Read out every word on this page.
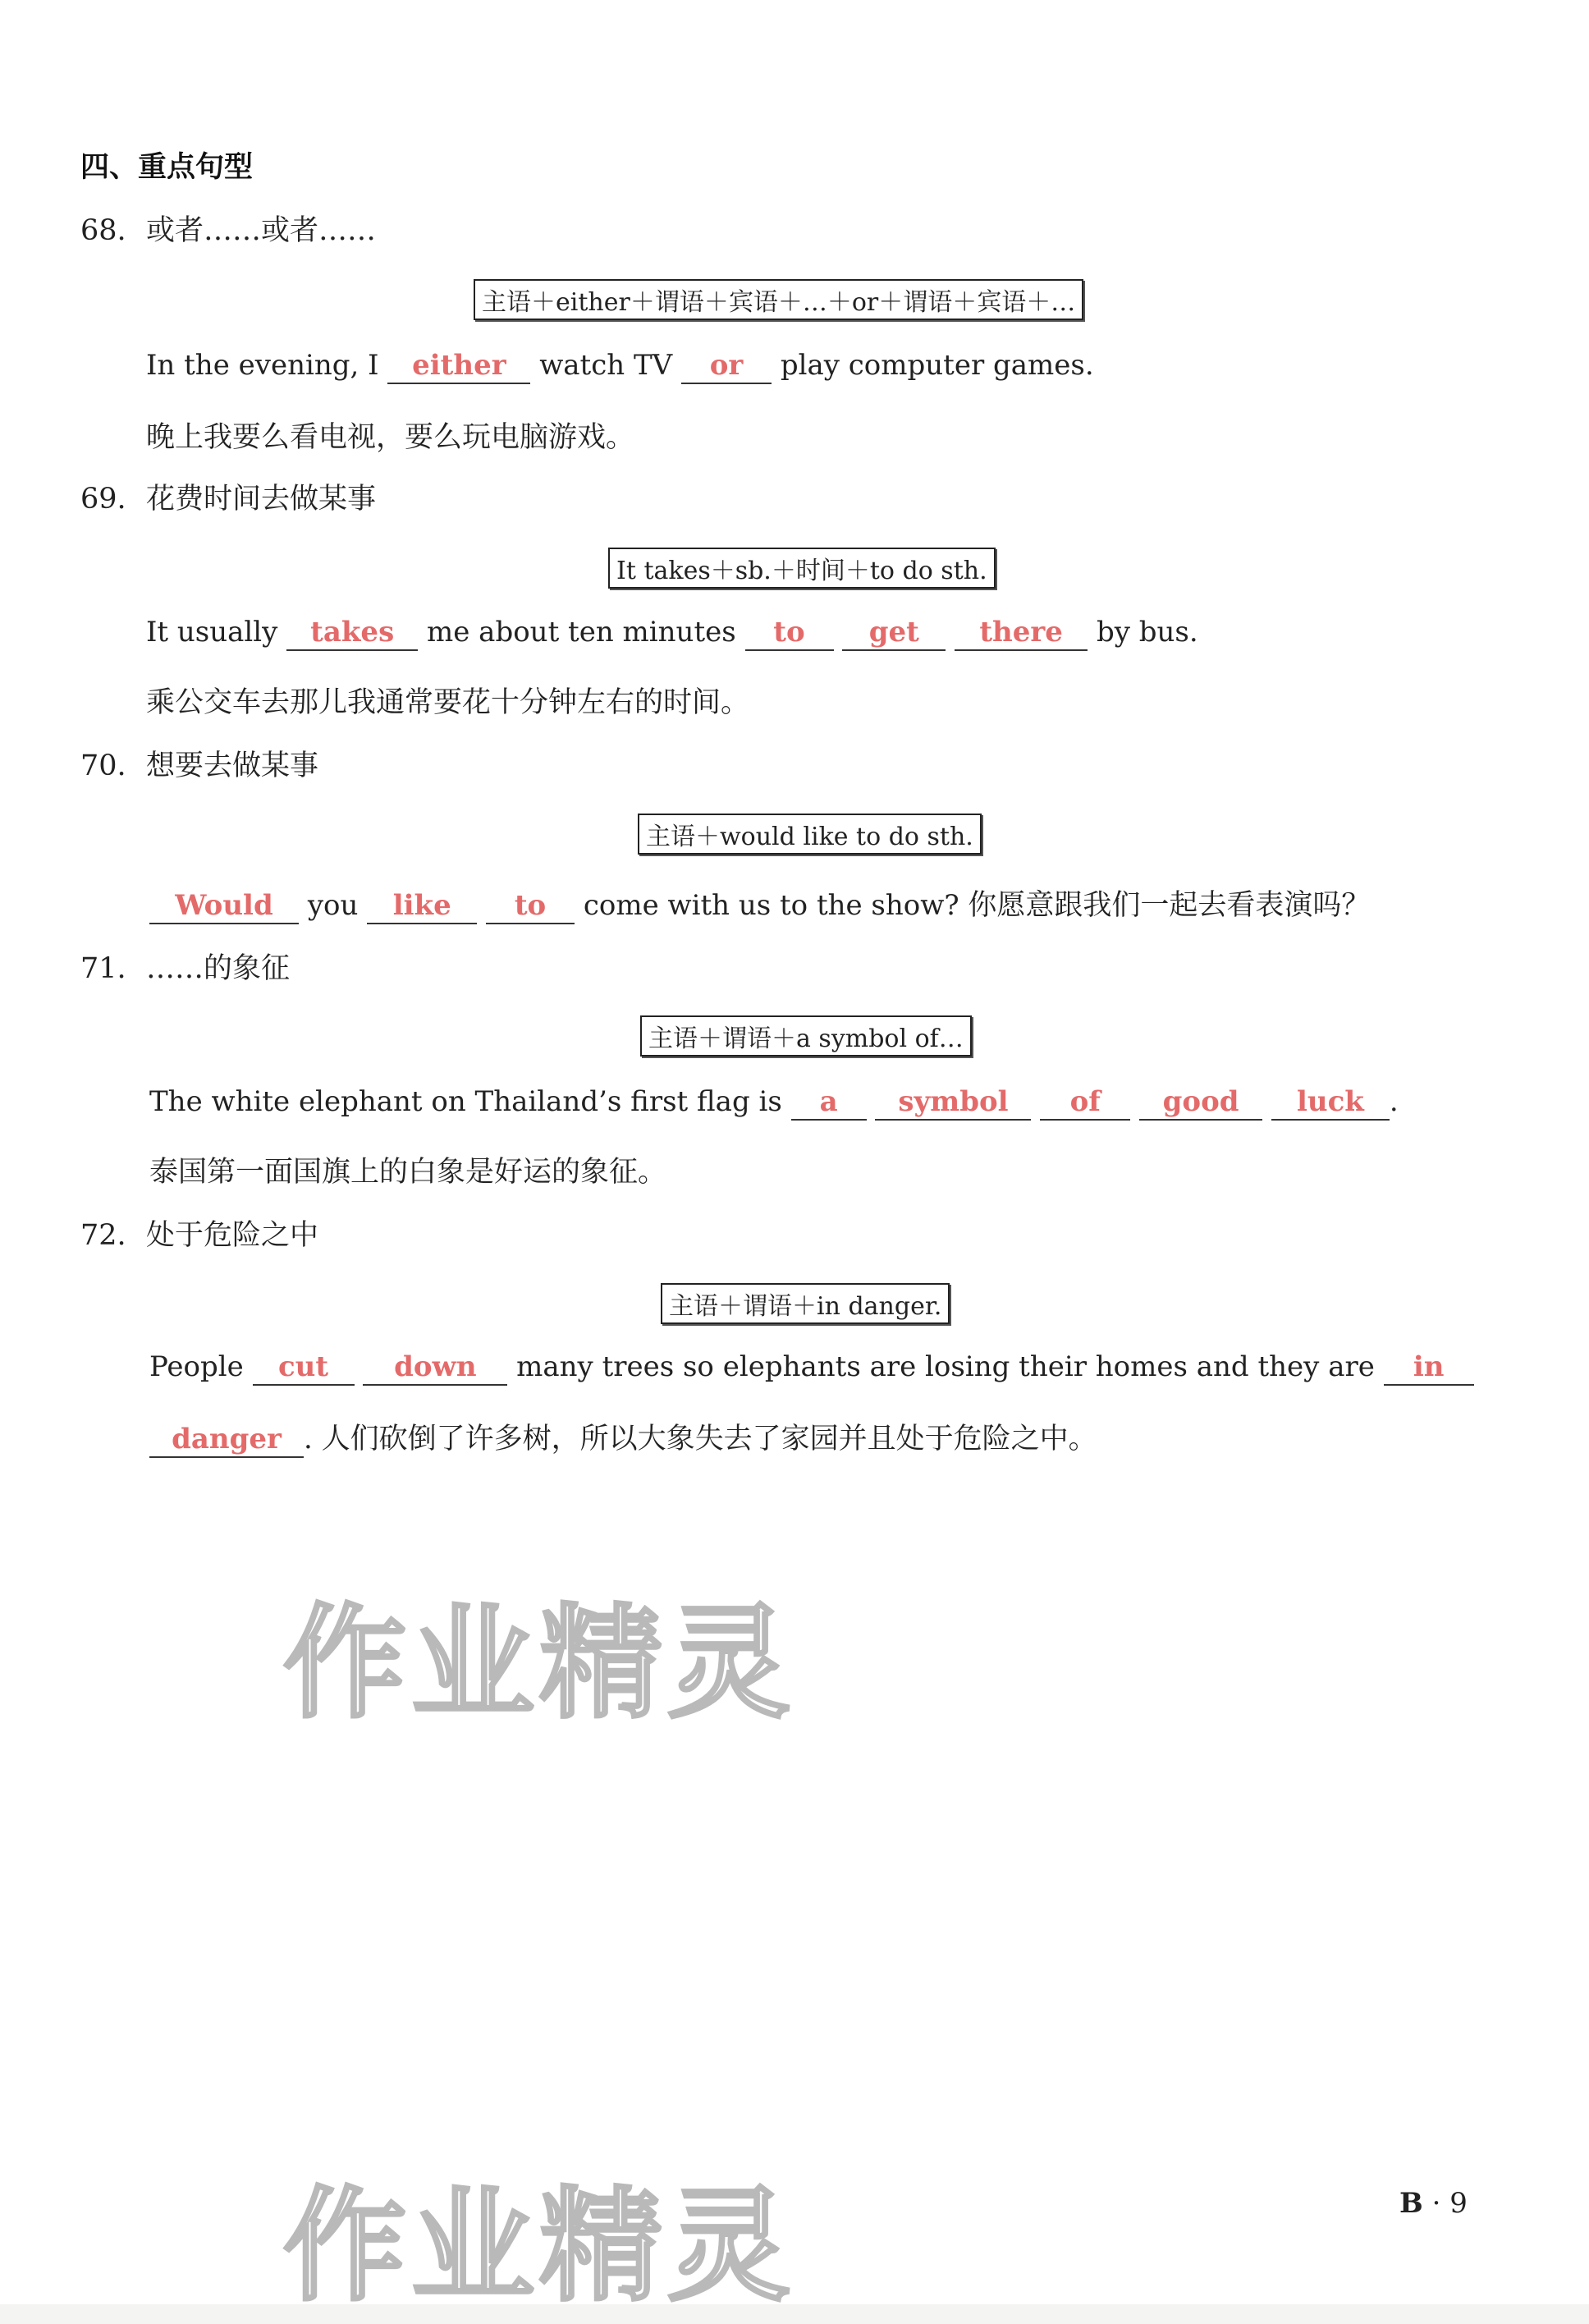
四、重点句型
68. 或者……或者……
主语＋either＋谓语＋宾语＋…＋or＋谓语＋宾语＋…
In the evening, I either watch TV or play computer games.
晚上我要么看电视，要么玩电脑游戏。
69. 花费时间去做某事
It takes＋sb.＋时间＋to do sth.
It usually takes me about ten minutes to get there by bus.
乘公交车去那儿我通常要花十分钟左右的时间。
70. 想要去做某事
主语＋would like to do sth.
Would you like to come with us to the show? 你愿意跟我们一起去看表演吗？
71. ……的象征
主语＋谓语＋a symbol of…
The white elephant on Thailand’s first flag is a symbol of good luck .
泰国第一面国旗上的白象是好运的象征。
72. 处于危险之中
主语＋谓语＋in danger.
People cut down many trees so elephants are losing their homes and they are in
danger . 人们砍倒了许多树，所以大象失去了家园并且处于危险之中。
作业精灵
作业精灵	B · 9
